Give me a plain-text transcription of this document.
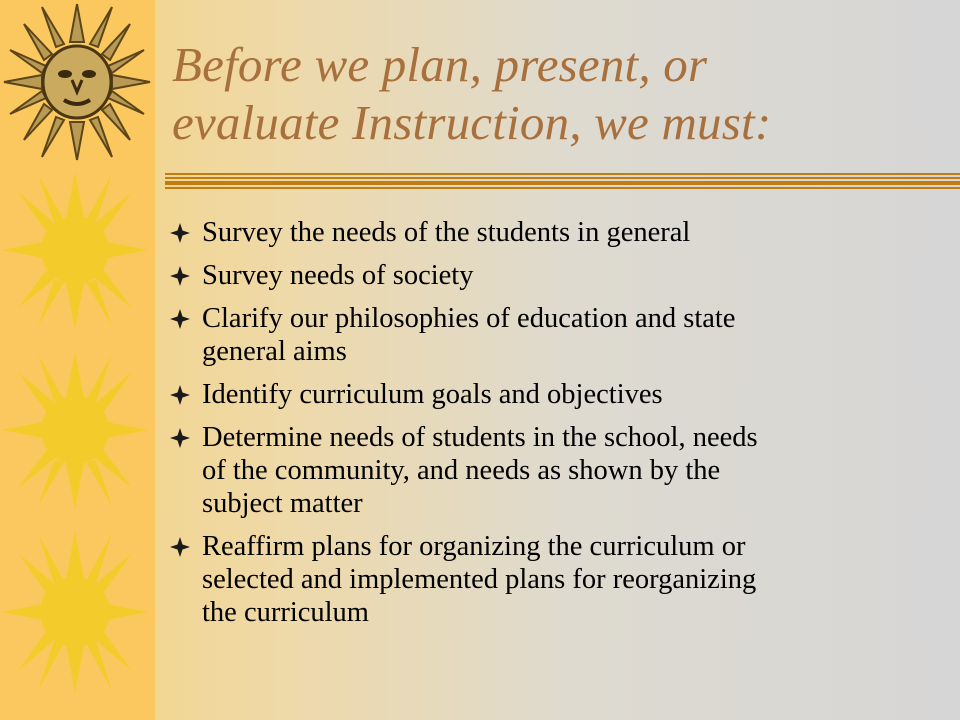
Before we plan, present, or
evaluate Instruction, we must:
Survey the needs of the students in general
Survey needs of society
Clarify our philosophies of education and state
general aims
Identify curriculum goals and objectives
Determine needs of students in the school, needs
of the community, and needs as shown by the
subject matter
Reaffirm plans for organizing the curriculum or
selected and implemented plans for reorganizing
the curriculum
